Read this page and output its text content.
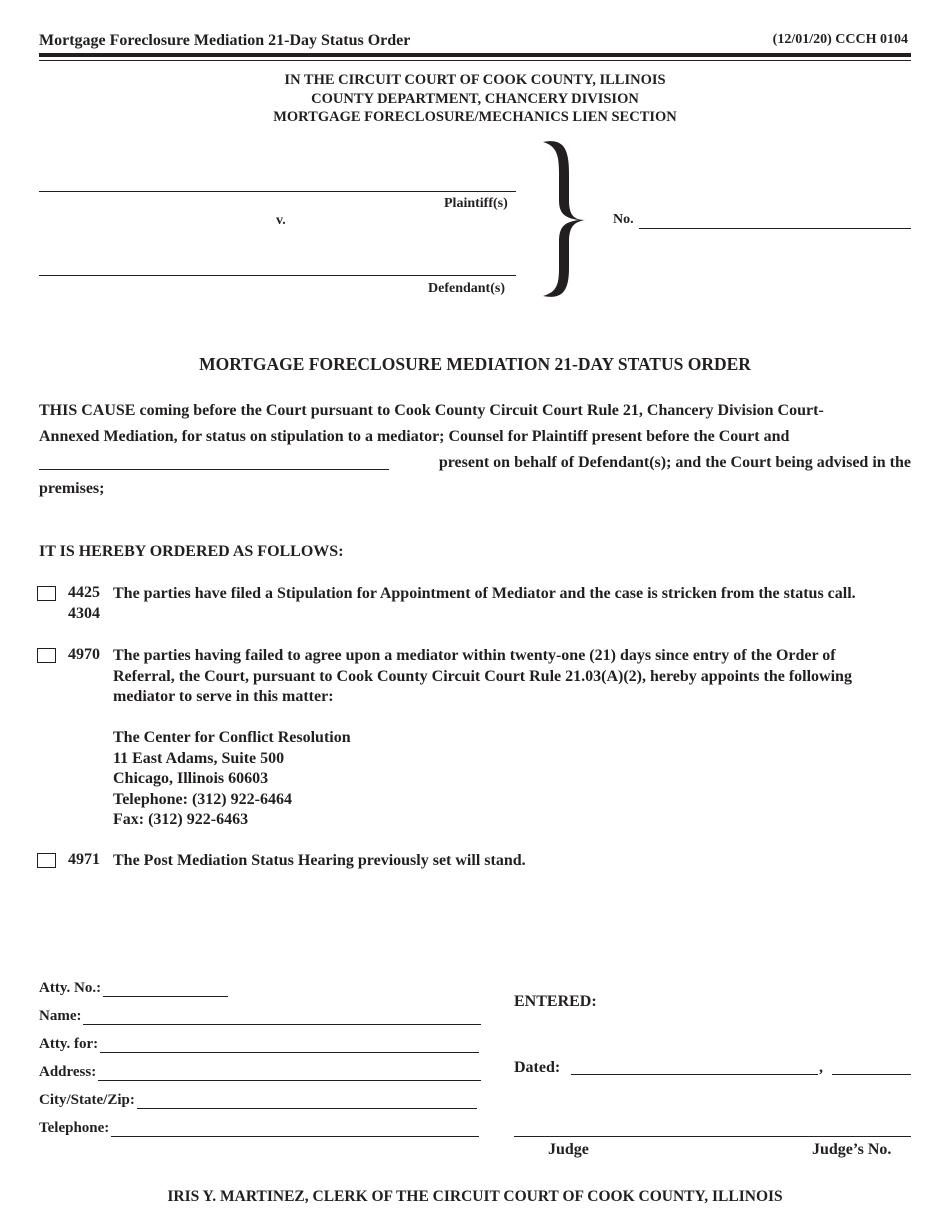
Mortgage Foreclosure Mediation 21-Day Status Order	(12/01/20) CCCH 0104
IN THE CIRCUIT COURT OF COOK COUNTY, ILLINOIS
COUNTY DEPARTMENT, CHANCERY DIVISION
MORTGAGE FORECLOSURE/MECHANICS LIEN SECTION
Plaintiff(s)
v.
Defendant(s)
No.
MORTGAGE FORECLOSURE MEDIATION 21-DAY STATUS ORDER
THIS CAUSE coming before the Court pursuant to Cook County Circuit Court Rule 21, Chancery Division Court-
Annexed Mediation, for status on stipulation to a mediator; Counsel for Plaintiff present before the Court and
present on behalf of Defendant(s); and the Court being advised in the
premises;
IT IS HEREBY ORDERED AS FOLLOWS:
4425
4304
The parties have filed a Stipulation for Appointment of Mediator and the case is stricken from the status call.
4970 The parties having failed to agree upon a mediator within twenty-one (21) days since entry of the Order of
Referral, the Court, pursuant to Cook County Circuit Court Rule 21.03(A)(2), hereby appoints the following
mediator to serve in this matter:
The Center for Conflict Resolution
11 East Adams, Suite 500
Chicago, Illinois 60603
Telephone: (312) 922-6464
Fax: (312) 922-6463
4971 The Post Mediation Status Hearing previously set will stand.
Atty. No.:
Name:
Atty. for:
Address:
City/State/Zip:
Telephone:
ENTERED:
Dated:	,
Judge	Judge’s No.
IRIS Y. MARTINEZ, CLERK OF THE CIRCUIT COURT OF COOK COUNTY, ILLINOIS
